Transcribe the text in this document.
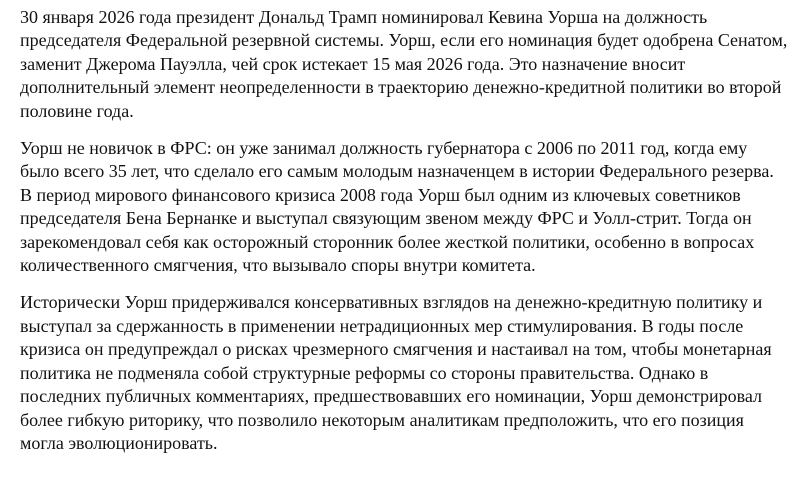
30 января 2026 года президент Дональд Трамп номинировал Кевина Уорша на должность председателя Федеральной резервной системы. Уорш, если его номинация будет одобрена Сенатом, заменит Джерома Пауэлла, чей срок истекает 15 мая 2026 года. Это назначение вносит дополнительный элемент неопределенности в траекторию денежно-кредитной политики во второй половине года.

Уорш не новичок в ФРС: он уже занимал должность губернатора с 2006 по 2011 год, когда ему было всего 35 лет, что сделало его самым молодым назначенцем в истории Федерального резерва. В период мирового финансового кризиса 2008 года Уорш был одним из ключевых советников председателя Бена Бернанке и выступал связующим звеном между ФРС и Уолл-стрит. Тогда он зарекомендовал себя как осторожный сторонник более жесткой политики, особенно в вопросах количественного смягчения, что вызывало споры внутри комитета.

Исторически Уорш придерживался консервативных взглядов на денежно-кредитную политику и выступал за сдержанность в применении нетрадиционных мер стимулирования. В годы после кризиса он предупреждал о рисках чрезмерного смягчения и настаивал на том, чтобы монетарная политика не подменяла собой структурные реформы со стороны правительства. Однако в последних публичных комментариях, предшествовавших его номинации, Уорш демонстрировал более гибкую риторику, что позволило некоторым аналитикам предположить, что его позиция могла эволюционировать.
